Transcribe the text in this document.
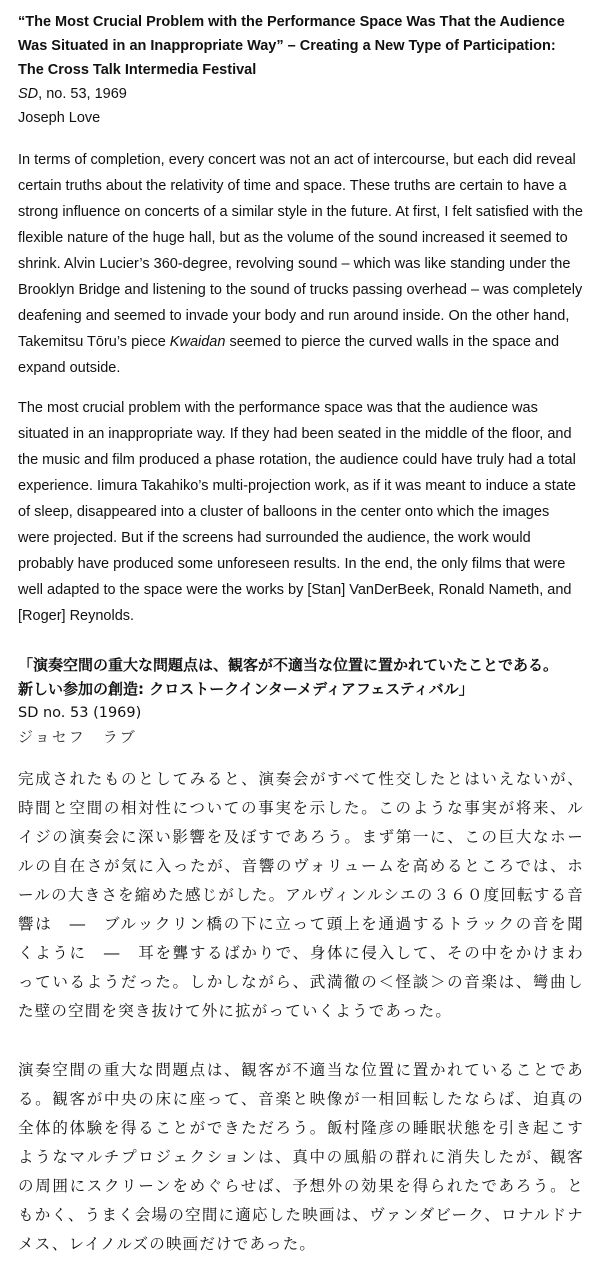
“The Most Crucial Problem with the Performance Space Was That the Audience Was Situated in an Inappropriate Way” – Creating a New Type of Participation: The Cross Talk Intermedia Festival
SD, no. 53, 1969
Joseph Love

In terms of completion, every concert was not an act of intercourse, but each did reveal certain truths about the relativity of time and space. These truths are certain to have a strong influence on concerts of a similar style in the future. At first, I felt satisfied with the flexible nature of the huge hall, but as the volume of the sound increased it seemed to shrink. Alvin Lucier’s 360-degree, revolving sound – which was like standing under the Brooklyn Bridge and listening to the sound of trucks passing overhead – was completely deafening and seemed to invade your body and run around inside. On the other hand, Takemitsu Tōru’s piece Kwaidan seemed to pierce the curved walls in the space and expand outside.

The most crucial problem with the performance space was that the audience was situated in an inappropriate way. If they had been seated in the middle of the floor, and the music and film produced a phase rotation, the audience could have truly had a total experience. Iimura Takahiko’s multi-projection work, as if it was meant to induce a state of sleep, disappeared into a cluster of balloons in the center onto which the images were projected. But if the screens had surrounded the audience, the work would probably have produced some unforeseen results. In the end, the only films that were well adapted to the space were the works by [Stan] VanDerBeek, Ronald Nameth, and [Roger] Reynolds.

「演奏空間の重大な問題点は、観客が不適当な位置に置かれていたことである。
新しい参加の創造: クロストークインターメディアフェスティバル」
SD no. 53 (1969)
ジョセフ　ラブ

完成されたものとしてみると、演奏会がすべて性交したとはいえないが、時間と空間の相対性についての事実を示した。このような事実が将来、ルイジの演奏会に深い影響を及ぼすであろう。まず第一に、この巨大なホールの自在さが気に入ったが、音響のヴォリュームを高めるところでは、ホールの大きさを縮めた感じがした。アルヴィンルシエの３６０度回転する音響は　―　ブルックリン橋の下に立って頭上を通過するトラックの音を聞くように　―　耳を聾するばかりで、身体に侵入して、その中をかけまわっているようだった。しかしながら、武満徹の＜怪談＞の音楽は、彎曲した壁の空間を突き抜けて外に拡がっていくようであった。

演奏空間の重大な問題点は、観客が不適当な位置に置かれていることである。観客が中央の床に座って、音楽と映像が一相回転したならば、迫真の全体的体験を得ることができただろう。飯村隆彦の睡眠状態を引き起こすようなマルチプロジェクションは、真中の風船の群れに消失したが、観客の周囲にスクリーンをめぐらせば、予想外の効果を得られたであろう。ともかく、うまく会場の空間に適応した映画は、ヴァンダビーク、ロナルドナメス、レイノルズの映画だけであった。
